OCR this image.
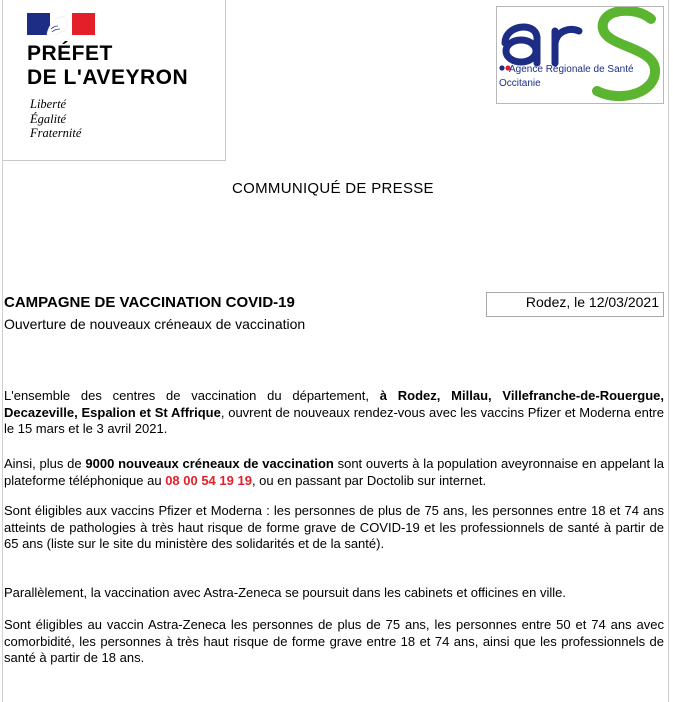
PRÉFET
DE L'AVEYRON
Liberté
Égalité
Fraternité
Agence Régionale de Santé
Occitanie
COMMUNIQUÉ DE PRESSE
CAMPAGNE DE VACCINATION COVID-19
Ouverture de nouveaux créneaux de vaccination
Rodez, le 12/03/2021
L'ensemble des centres de vaccination du département, à Rodez, Millau, Villefranche-de-Rouergue, Decazeville, Espalion et St Affrique, ouvrent de nouveaux rendez-vous avec les vaccins Pfizer et Moderna entre le 15 mars et le 3 avril 2021.
Ainsi, plus de 9000 nouveaux créneaux de vaccination sont ouverts à la population aveyronnaise en appelant la plateforme téléphonique au 08 00 54 19 19, ou en passant par Doctolib sur internet.
Sont éligibles aux vaccins Pfizer et Moderna : les personnes de plus de 75 ans, les personnes entre 18 et 74 ans atteints de pathologies à très haut risque de forme grave de COVID-19 et les professionnels de santé à partir de 65 ans (liste sur le site du ministère des solidarités et de la santé).
Parallèlement, la vaccination avec Astra-Zeneca se poursuit dans les cabinets et officines en ville.
Sont éligibles au vaccin Astra-Zeneca les personnes de plus de 75 ans, les personnes entre 50 et 74 ans avec comorbidité, les personnes à très haut risque de forme grave entre 18 et 74 ans, ainsi que les professionnels de santé à partir de 18 ans.
